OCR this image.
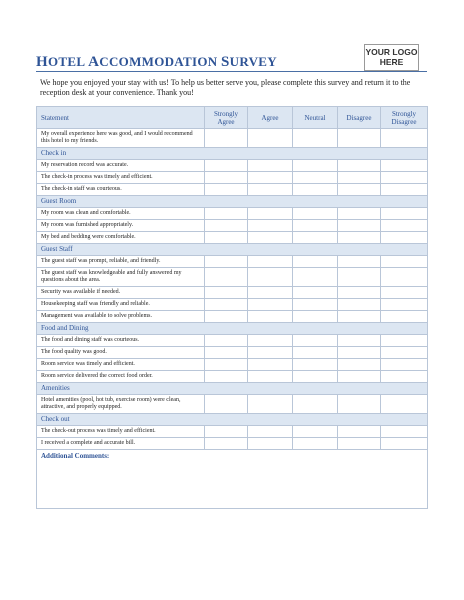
HOTEL ACCOMMODATION SURVEY
YOUR LOGO
HERE
We hope you enjoyed your stay with us! To help us better serve you, please complete this survey and return it to the reception desk at your convenience. Thank you!
Statement	Strongly Agree	Agree	Neutral	Disagree	Strongly Disagree
My overall experience here was good, and I would recommend this hotel to my friends.					
Check in					
My reservation record was accurate.					
The check-in process was timely and efficient.					
The check-in staff was courteous.					
Guest Room					
My room was clean and comfortable.					
My room was furnished appropriately.					
My bed and bedding were comfortable.					
Guest Staff					
The guest staff was prompt, reliable, and friendly.					
The guest staff was knowledgeable and fully answered my questions about the area.					
Security was available if needed.					
Housekeeping staff was friendly and reliable.					
Management was available to solve problems.					
Food and Dining					
The food and dining staff was courteous.					
The food quality was good.					
Room service was timely and efficient.					
Room service delivered the correct food order.					
Amenities					
Hotel amenities (pool, hot tub, exercise room) were clean, attractive, and properly equipped.					
Check out					
The check-out process was timely and efficient.					
I received a complete and accurate bill.					
Additional Comments:					
